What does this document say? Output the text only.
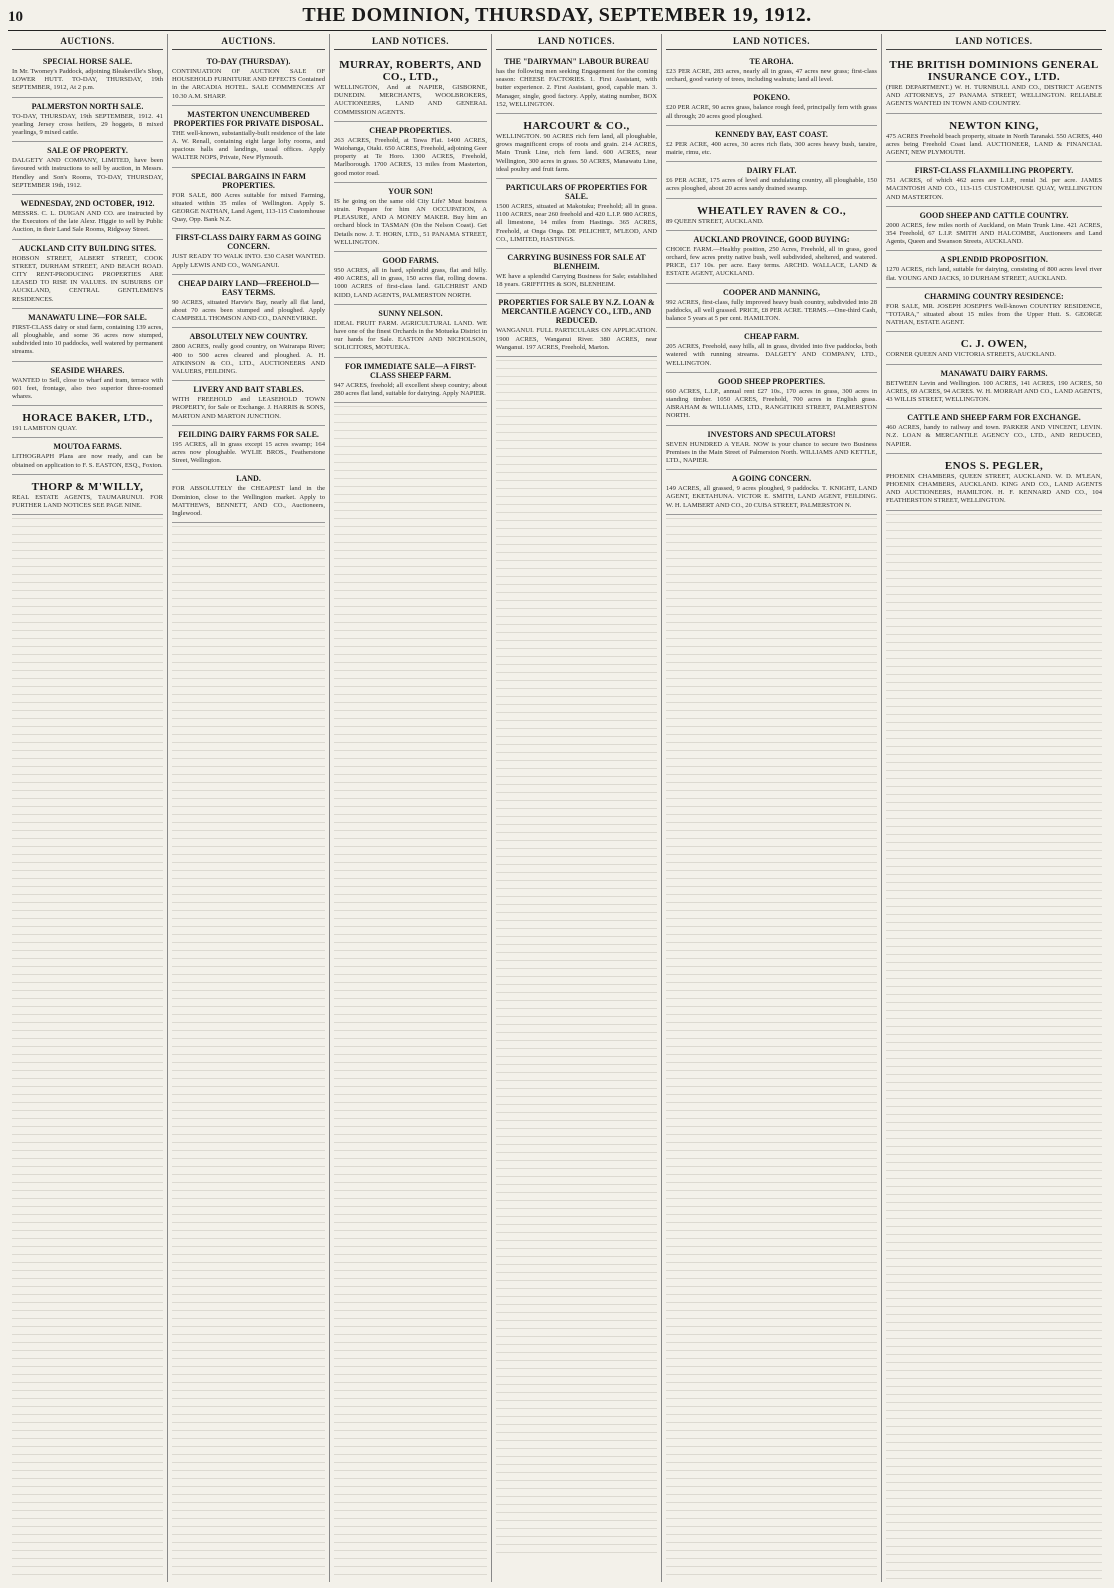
10	THE DOMINION, THURSDAY, SEPTEMBER 19, 1912.
AUCTIONS.
SPECIAL HORSE SALE.
In Mr. Twomey's Paddock, adjoining Bleakeville's Shop, LOWER HUTT. TO-DAY, THURSDAY, 19th SEPTEMBER, 1912, At 2 p.m.
PALMERSTON NORTH SALE.
TO-DAY, THURSDAY, 19th SEPTEMBER, 1912. 41 yearling Jersey cross heifers, 29 hoggets, 8 mixed yearlings, 9 mixed cattle.
SALE OF PROPERTY.
DALGETY AND COMPANY, LIMITED, have been favoured with instructions to sell by auction, in Messrs. Hendley and Son's Rooms, TO-DAY, THURSDAY, SEPTEMBER 19th, 1912.
WEDNESDAY, 2ND OCTOBER, 1912.
MESSRS. C. L. DUIGAN AND CO. are instructed by the Executors of the late Alexr. Higgie to sell by Public Auction, in their Land Sale Rooms, Ridgway Street.
AUCKLAND CITY BUILDING SITES.
HOBSON STREET, ALBERT STREET, COOK STREET, DURHAM STREET, AND BEACH ROAD. CITY RENT-PRODUCING PROPERTIES ARE LEASED TO RISE IN VALUES. IN SUBURBS OF AUCKLAND, CENTRAL GENTLEMEN'S RESIDENCES.
MANAWATU LINE—FOR SALE.
FIRST-CLASS dairy or stud farm, containing 139 acres, all ploughable, and some 36 acres now stumped, subdivided into 10 paddocks, well watered by permanent streams.
SEASIDE WHARES.
WANTED to Sell, close to wharf and tram, terrace with 601 feet, frontage, also two superior three-roomed whares.
HORACE BAKER, LTD.,
191 LAMBTON QUAY.
MOUTOA FARMS.
LITHOGRAPH Plans are now ready, and can be obtained on application to F. S. EASTON, ESQ., Foxton.
THORP & M'WILLY,
REAL ESTATE AGENTS, TAUMARUNUI. FOR FURTHER LAND NOTICES SEE PAGE NINE.
AUCTIONS.
TO-DAY (THURSDAY).
CONTINUATION OF AUCTION SALE OF HOUSEHOLD FURNITURE AND EFFECTS Contained in the ARCADIA HOTEL. SALE COMMENCES AT 10.30 A.M. SHARP.
MASTERTON UNENCUMBERED PROPERTIES FOR PRIVATE DISPOSAL.
THE well-known, substantially-built residence of the late A. W. Renall, containing eight large lofty rooms, and spacious halls and landings, usual offices. Apply WALTER NOPS, Private, New Plymouth.
SPECIAL BARGAINS IN FARM PROPERTIES.
FOR SALE, 800 Acres suitable for mixed Farming, situated within 35 miles of Wellington. Apply S. GEORGE NATHAN, Land Agent, 113-115 Customhouse Quay, Opp. Bank N.Z.
FIRST-CLASS DAIRY FARM AS GOING CONCERN.
JUST READY TO WALK INTO. £30 CASH WANTED. Apply LEWIS AND CO., WANGANUI.
CHEAP DAIRY LAND—FREEHOLD—EASY TERMS.
90 ACRES, situated Harvie's Bay, nearly all flat land, about 70 acres been stumped and ploughed. Apply CAMPBELL THOMSON AND CO., DANNEVIRKE.
ABSOLUTELY NEW COUNTRY.
2800 ACRES, really good country, on Wairarapa River; 400 to 500 acres cleared and ploughed. A. H. ATKINSON & CO., LTD., AUCTIONEERS AND VALUERS, FEILDING.
LIVERY AND BAIT STABLES.
WITH FREEHOLD and LEASEHOLD TOWN PROPERTY, for Sale or Exchange. J. HARRIS & SONS, MARTON AND MARTON JUNCTION.
FEILDING DAIRY FARMS FOR SALE.
195 ACRES, all in grass except 15 acres swamp; 164 acres now ploughable. WYLIE BROS., Featherstone Street, Wellington.
LAND.
FOR ABSOLUTELY the CHEAPEST land in the Dominion, close to the Wellington market. Apply to MATTHEWS, BENNETT, AND CO., Auctioneers, Inglewood.
LAND NOTICES.
MURRAY, ROBERTS, AND CO., LTD.,
WELLINGTON, And at NAPIER, GISBORNE, DUNEDIN. MERCHANTS, WOOLBROKERS, AUCTIONEERS, LAND AND GENERAL COMMISSION AGENTS.
CHEAP PROPERTIES.
263 ACRES, Freehold, at Tawa Flat. 1400 ACRES, Waiohanga, Otaki. 650 ACRES, Freehold, adjoining Geer property at Te Horo. 1300 ACRES, Freehold, Marlborough. 1700 ACRES, 13 miles from Masterton, good motor road.
YOUR SON!
IS he going on the same old City Life? Must business strain. Prepare for him AN OCCUPATION, A PLEASURE, AND A MONEY MAKER. Buy him an orchard block in TASMAN (On the Nelson Coast). Get Details now. J. T. HORN, LTD., 51 PANAMA STREET, WELLINGTON.
GOOD FARMS.
950 ACRES, all in hard, splendid grass, flat and hilly. 490 ACRES, all in grass, 150 acres flat, rolling downs. 1000 ACRES of first-class land. GILCHRIST AND KIDD, LAND AGENTS, PALMERSTON NORTH.
SUNNY NELSON.
IDEAL FRUIT FARM. AGRICULTURAL LAND. WE have one of the finest Orchards in the Motueka District in our hands for Sale. EASTON AND NICHOLSON, SOLICITORS, MOTUEKA.
FOR IMMEDIATE SALE—A FIRST-CLASS SHEEP FARM.
947 ACRES, freehold; all excellent sheep country; about 280 acres flat land, suitable for dairying. Apply NAPIER.
LAND NOTICES.
THE "DAIRYMAN" LABOUR BUREAU
has the following men seeking Engagement for the coming season: CHEESE FACTORIES. 1. First Assistant, with butter experience. 2. First Assistant, good, capable man. 3. Manager, single, good factory. Apply, stating number, BOX 152, WELLINGTON.
HARCOURT & CO.,
WELLINGTON. 90 ACRES rich fern land, all ploughable, grows magnificent crops of roots and grain. 214 ACRES, Main Trunk Line, rich fern land. 600 ACRES, near Wellington, 300 acres in grass. 50 ACRES, Manawatu Line, ideal poultry and fruit farm.
PARTICULARS OF PROPERTIES FOR SALE.
1500 ACRES, situated at Makotuku; Freehold; all in grass. 1100 ACRES, near 260 freehold and 420 L.I.P. 980 ACRES, all limestone, 14 miles from Hastings. 365 ACRES, Freehold, at Onga Onga. DE PELICHET, M'LEOD, AND CO., LIMITED, HASTINGS.
CARRYING BUSINESS FOR SALE AT BLENHEIM.
WE have a splendid Carrying Business for Sale; established 18 years. GRIFFITHS & SON, BLENHEIM.
PROPERTIES FOR SALE BY N.Z. LOAN & MERCANTILE AGENCY CO., LTD., AND REDUCED.
WANGANUI. FULL PARTICULARS ON APPLICATION. 1900 ACRES, Wanganui River. 380 ACRES, near Wanganui. 197 ACRES, Freehold, Marton.
LAND NOTICES.
TE AROHA.
£23 PER ACRE, 283 acres, nearly all in grass, 47 acres new grass; first-class orchard, good variety of trees, including walnuts; land all level.
POKENO.
£20 PER ACRE, 90 acres grass, balance rough feed, principally fern with grass all through; 20 acres good ploughed.
KENNEDY BAY, EAST COAST.
£2 PER ACRE, 400 acres, 30 acres rich flats, 300 acres heavy bush, taraire, mairie, rimu, etc.
DAIRY FLAT.
£6 PER ACRE, 175 acres of level and undulating country, all ploughable, 150 acres ploughed, about 20 acres sandy drained swamp.
WHEATLEY RAVEN & CO.,
89 QUEEN STREET, AUCKLAND.
AUCKLAND PROVINCE, GOOD BUYING:
CHOICE FARM.—Healthy position, 250 Acres, Freehold, all in grass, good orchard, few acres pretty native bush, well subdivided, sheltered, and watered. PRICE, £17 10s. per acre. Easy terms. ARCHD. WALLACE, LAND & ESTATE AGENT, AUCKLAND.
COOPER AND MANNING,
992 ACRES, first-class, fully improved heavy bush country, subdivided into 28 paddocks, all well grassed. PRICE, £8 PER ACRE. TERMS.—One-third Cash, balance 5 years at 5 per cent. HAMILTON.
CHEAP FARM.
205 ACRES, Freehold, easy hills, all in grass, divided into five paddocks, both watered with running streams. DALGETY AND COMPANY, LTD., WELLINGTON.
GOOD SHEEP PROPERTIES.
660 ACRES, L.I.P., annual rent £27 10s., 170 acres in grass, 300 acres in standing timber. 1050 ACRES, Freehold, 700 acres in English grass. ABRAHAM & WILLIAMS, LTD., RANGITIKEI STREET, PALMERSTON NORTH.
INVESTORS AND SPECULATORS!
SEVEN HUNDRED A YEAR. NOW is your chance to secure two Business Premises in the Main Street of Palmerston North. WILLIAMS AND KETTLE, LTD., NAPIER.
A GOING CONCERN.
149 ACRES, all grassed, 9 acres ploughed, 9 paddocks. T. KNIGHT, LAND AGENT, EKETAHUNA. VICTOR E. SMITH, LAND AGENT, FEILDING. W. H. LAMBERT AND CO., 20 CUBA STREET, PALMERSTON N.
LAND NOTICES.
THE BRITISH DOMINIONS GENERAL INSURANCE COY., LTD.
(FIRE DEPARTMENT.) W. H. TURNBULL AND CO., DISTRICT AGENTS AND ATTORNEYS, 27 PANAMA STREET, WELLINGTON. RELIABLE AGENTS WANTED IN TOWN AND COUNTRY.
NEWTON KING,
475 ACRES Freehold beach property, situate in North Taranaki. 550 ACRES, 440 acres being Freehold Coast land. AUCTIONEER, LAND & FINANCIAL AGENT, NEW PLYMOUTH.
FIRST-CLASS FLAXMILLING PROPERTY.
751 ACRES, of which 462 acres are L.I.P., rental 3d. per acre. JAMES MACINTOSH AND CO., 113-115 CUSTOMHOUSE QUAY, WELLINGTON AND MASTERTON.
GOOD SHEEP AND CATTLE COUNTRY.
2000 ACRES, few miles north of Auckland, on Main Trunk Line. 421 ACRES, 354 Freehold, 67 L.I.P. SMITH AND HALCOMBE, Auctioneers and Land Agents, Queen and Swanson Streets, AUCKLAND.
A SPLENDID PROPOSITION.
1270 ACRES, rich land, suitable for dairying, consisting of 800 acres level river flat. YOUNG AND JACKS, 10 DURHAM STREET, AUCKLAND.
CHARMING COUNTRY RESIDENCE:
FOR SALE, MR. JOSEPH JOSEPH'S Well-known COUNTRY RESIDENCE, "TOTARA," situated about 15 miles from the Upper Hutt. S. GEORGE NATHAN, ESTATE AGENT.
C. J. OWEN,
CORNER QUEEN AND VICTORIA STREETS, AUCKLAND.
MANAWATU DAIRY FARMS.
BETWEEN Levin and Wellington. 100 ACRES, 141 ACRES, 190 ACRES, 50 ACRES, 69 ACRES, 94 ACRES. W. H. MORRAH AND CO., LAND AGENTS, 43 WILLIS STREET, WELLINGTON.
CATTLE AND SHEEP FARM FOR EXCHANGE.
460 ACRES, handy to railway and town. PARKER AND VINCENT, LEVIN. N.Z. LOAN & MERCANTILE AGENCY CO., LTD., AND REDUCED, NAPIER.
ENOS S. PEGLER,
PHOENIX CHAMBERS, QUEEN STREET, AUCKLAND. W. D. M'LEAN, PHOENIX CHAMBERS, AUCKLAND. KING AND CO., LAND AGENTS AND AUCTIONEERS, HAMILTON. H. F. KENNARD AND CO., 104 FEATHERSTON STREET, WELLINGTON.
